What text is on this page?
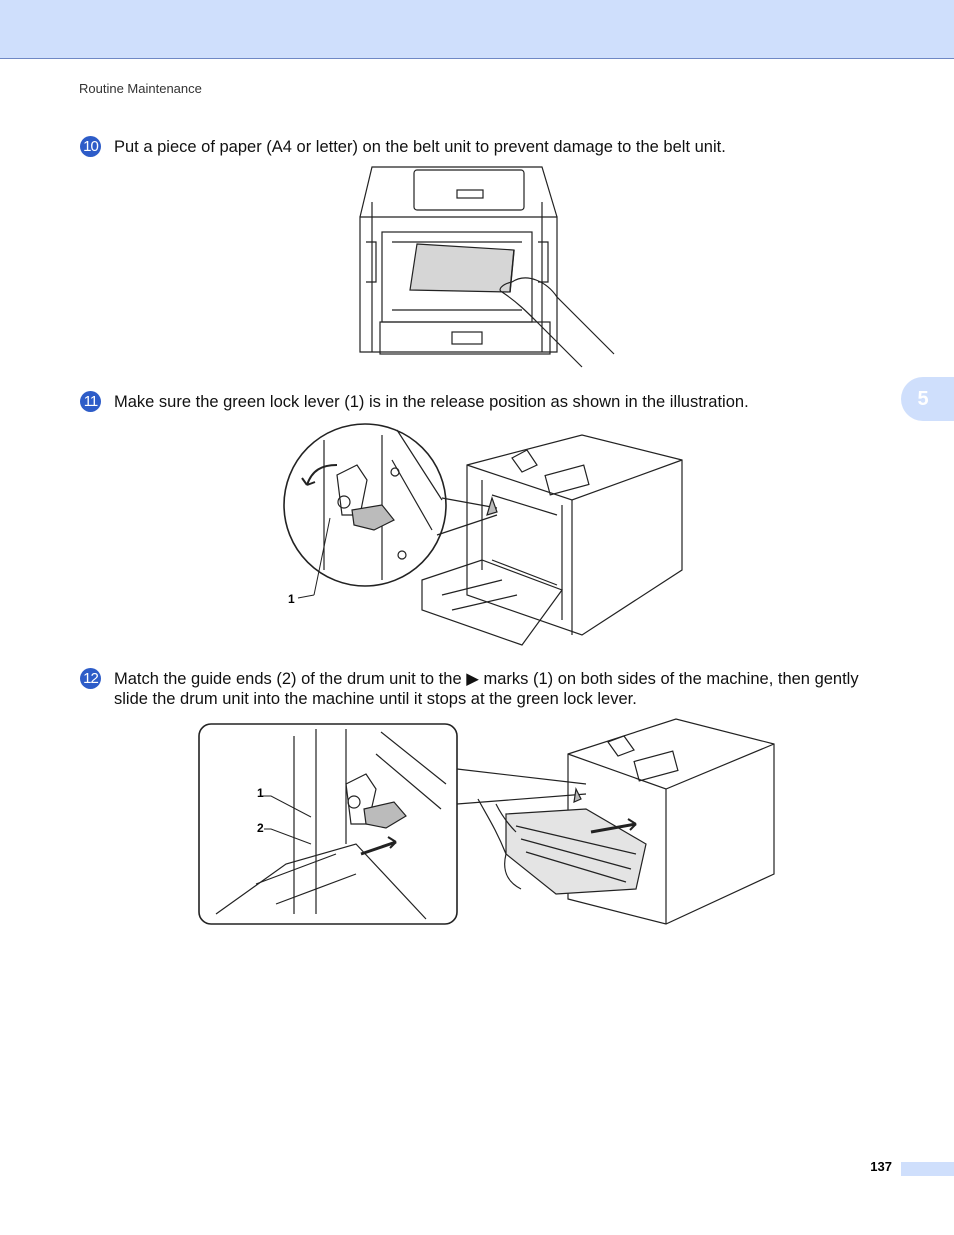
Routine Maintenance
5
10 Put a piece of paper (A4 or letter) on the belt unit to prevent damage to the belt unit.
11 Make sure the green lock lever (1) is in the release position as shown in the illustration.
1
12 Match the guide ends (2) of the drum unit to the ▶ marks (1) on both sides of the machine, then gently
slide the drum unit into the machine until it stops at the green lock lever.
1
2
137
